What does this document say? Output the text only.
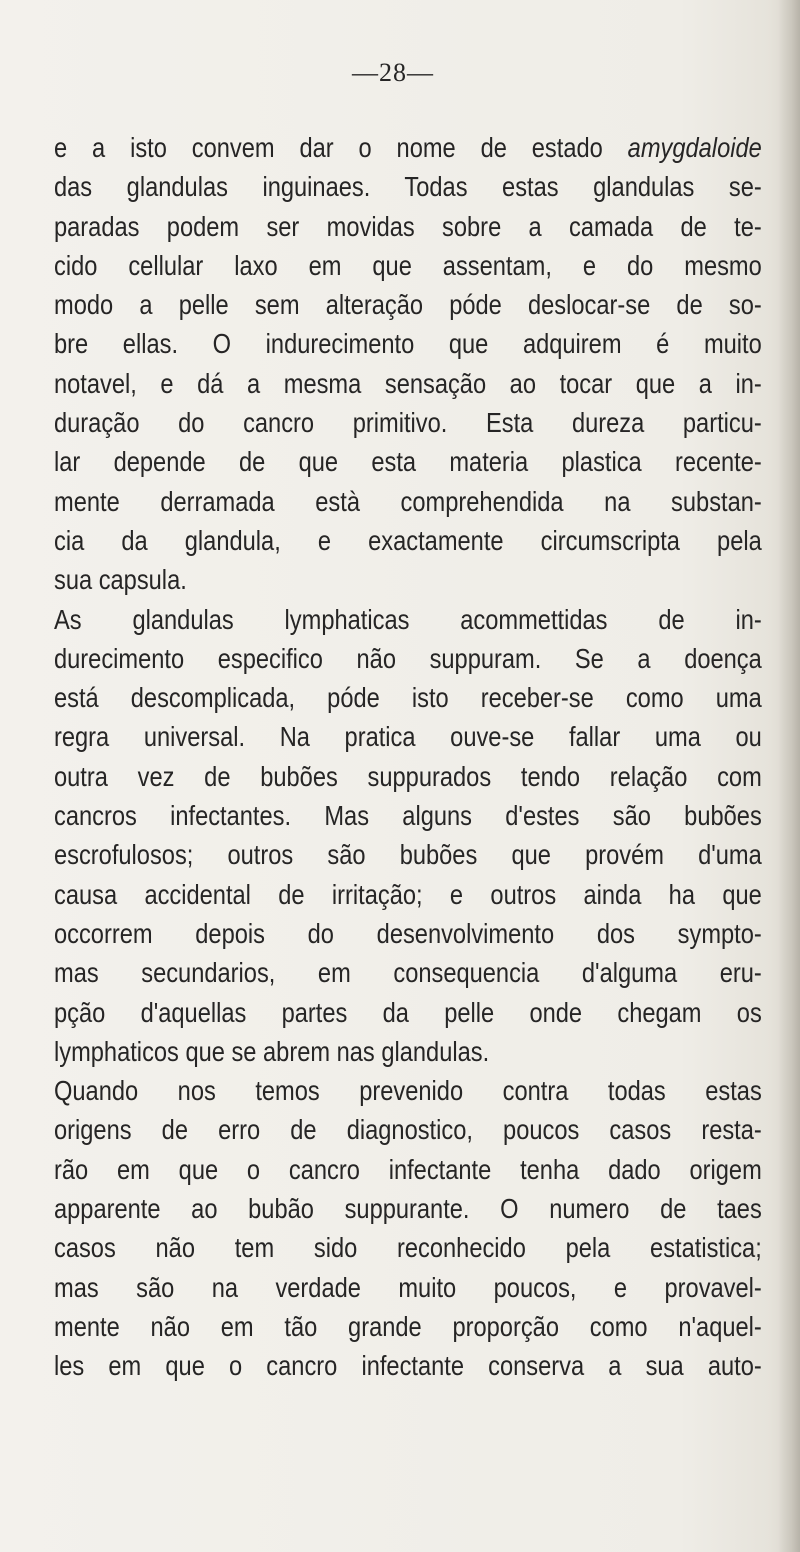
—28—
e a isto convem dar o nome de estado amygdaloide
das glandulas inguinaes. Todas estas glandulas se-
paradas podem ser movidas sobre a camada de te-
cido cellular laxo em que assentam, e do mesmo
modo a pelle sem alteração póde deslocar-se de so-
bre ellas. O indurecimento que adquirem é muito
notavel, e dá a mesma sensação ao tocar que a in-
duração do cancro primitivo. Esta dureza particu-
lar depende de que esta materia plastica recente-
mente derramada està comprehendida na substan-
cia da glandula, e exactamente circumscripta pela
sua capsula.
As glandulas lymphaticas acommettidas de in-
durecimento especifico não suppuram. Se a doença
está descomplicada, póde isto receber-se como uma
regra universal. Na pratica ouve-se fallar uma ou
outra vez de bubões suppurados tendo relação com
cancros infectantes. Mas alguns d'estes são bubões
escrofulosos; outros são bubões que provém d'uma
causa accidental de irritação; e outros ainda ha que
occorrem depois do desenvolvimento dos sympto-
mas secundarios, em consequencia d'alguma eru-
pção d'aquellas partes da pelle onde chegam os
lymphaticos que se abrem nas glandulas.
Quando nos temos prevenido contra todas estas
origens de erro de diagnostico, poucos casos resta-
rão em que o cancro infectante tenha dado origem
apparente ao bubão suppurante. O numero de taes
casos não tem sido reconhecido pela estatistica;
mas são na verdade muito poucos, e provavel-
mente não em tão grande proporção como n'aquel-
les em que o cancro infectante conserva a sua auto-
